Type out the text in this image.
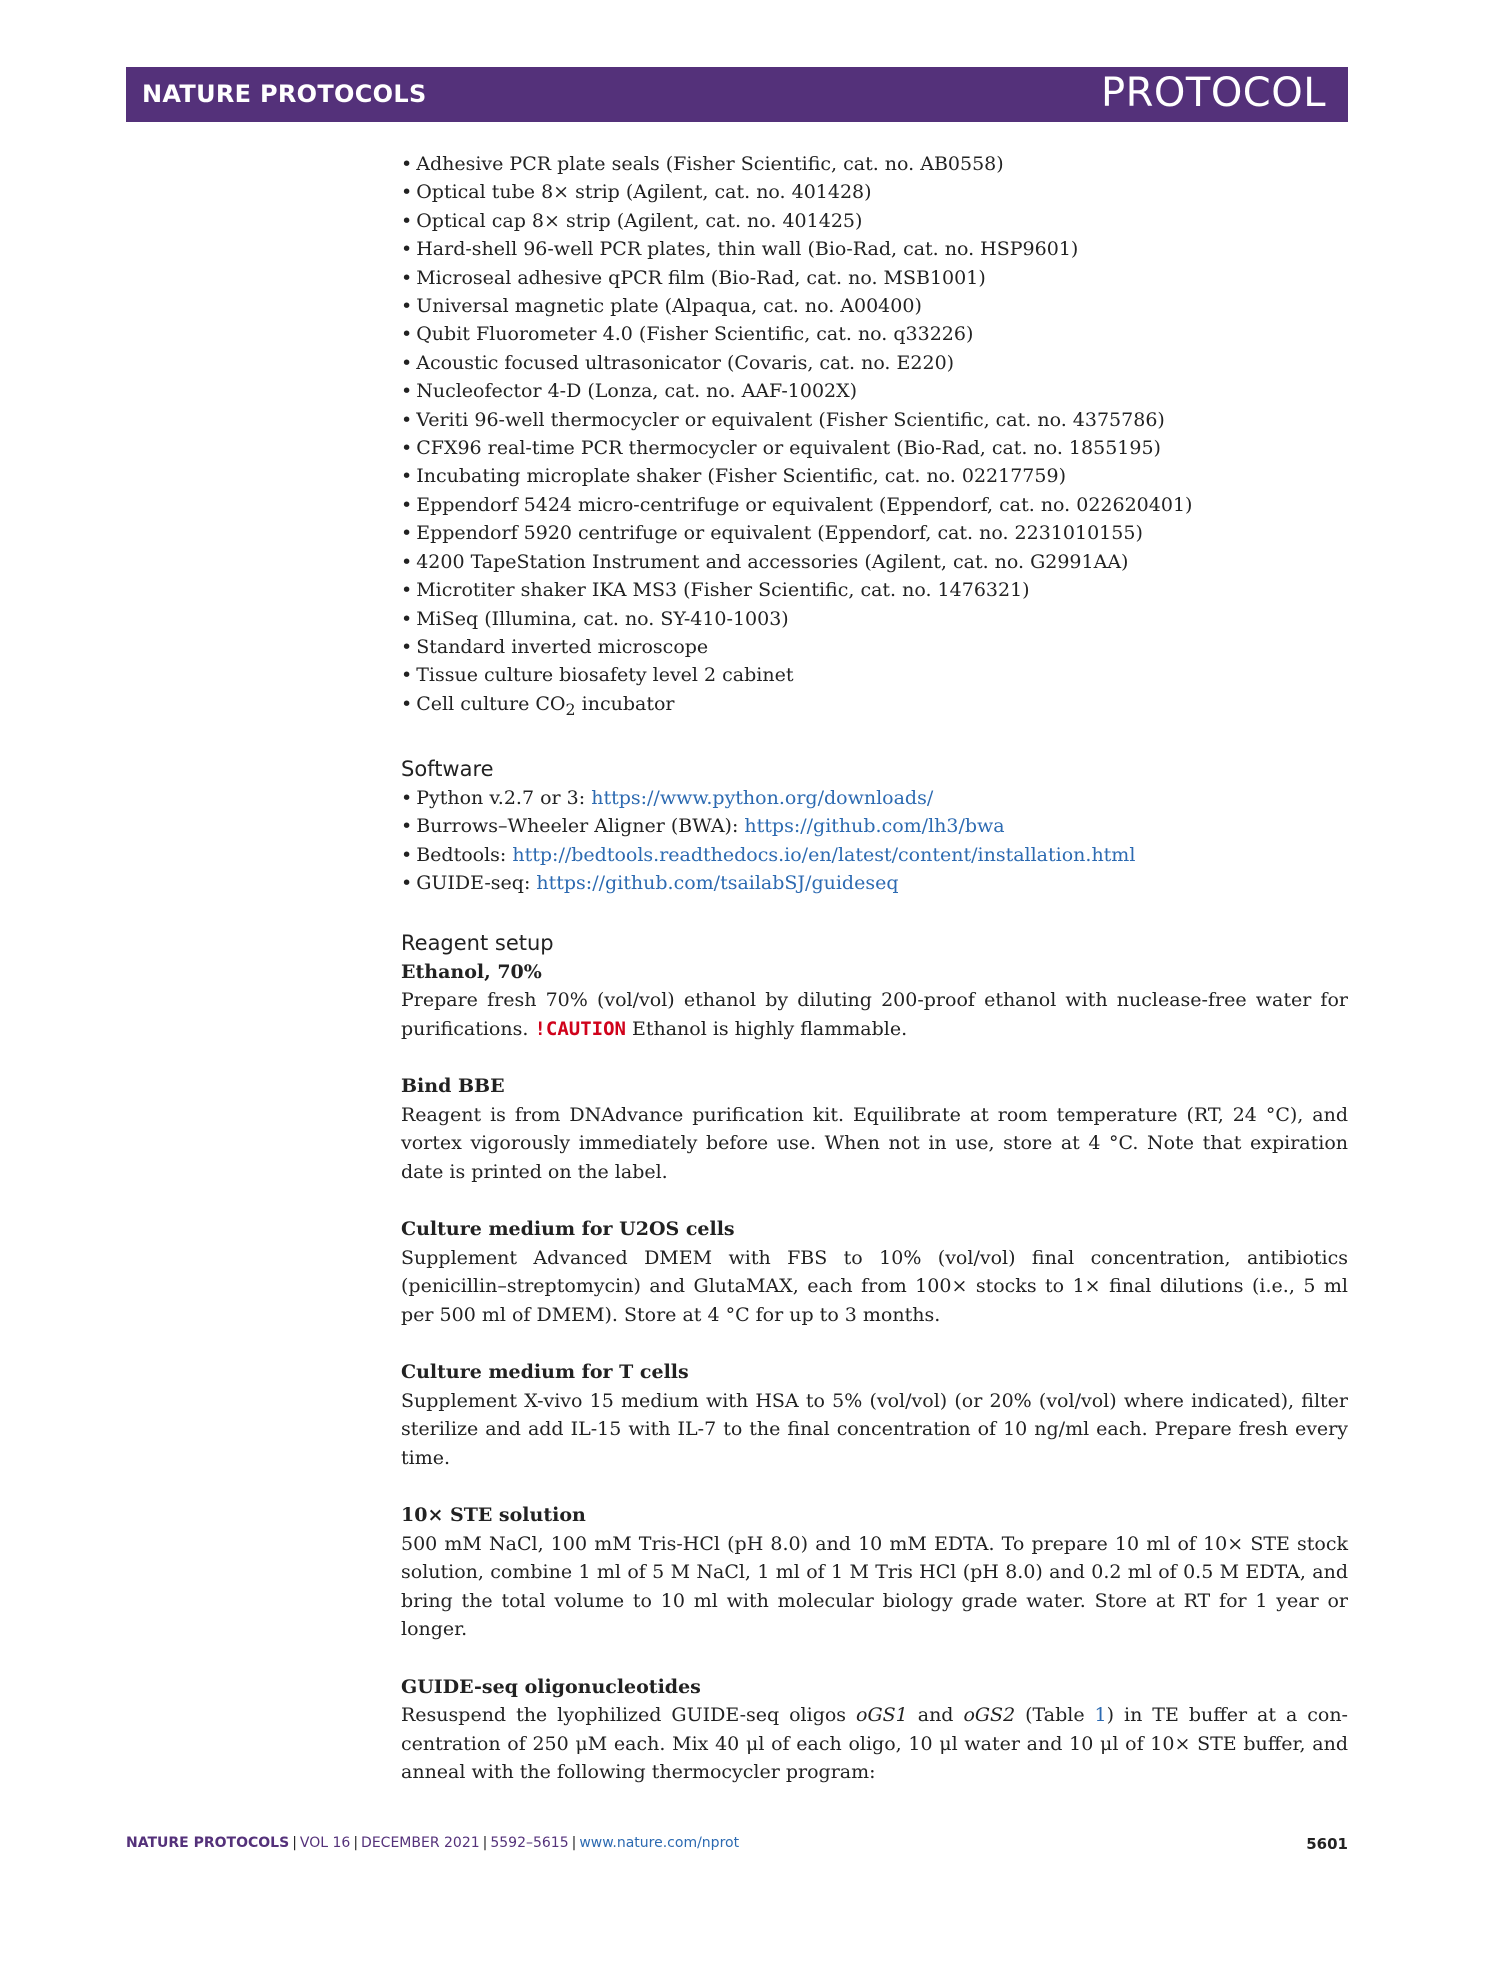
NATURE PROTOCOLS	PROTOCOL
• Adhesive PCR plate seals (Fisher Scientific, cat. no. AB0558)
• Optical tube 8× strip (Agilent, cat. no. 401428)
• Optical cap 8× strip (Agilent, cat. no. 401425)
• Hard-shell 96-well PCR plates, thin wall (Bio-Rad, cat. no. HSP9601)
• Microseal adhesive qPCR film (Bio-Rad, cat. no. MSB1001)
• Universal magnetic plate (Alpaqua, cat. no. A00400)
• Qubit Fluorometer 4.0 (Fisher Scientific, cat. no. q33226)
• Acoustic focused ultrasonicator (Covaris, cat. no. E220)
• Nucleofector 4-D (Lonza, cat. no. AAF-1002X)
• Veriti 96-well thermocycler or equivalent (Fisher Scientific, cat. no. 4375786)
• CFX96 real-time PCR thermocycler or equivalent (Bio-Rad, cat. no. 1855195)
• Incubating microplate shaker (Fisher Scientific, cat. no. 02217759)
• Eppendorf 5424 micro-centrifuge or equivalent (Eppendorf, cat. no. 022620401)
• Eppendorf 5920 centrifuge or equivalent (Eppendorf, cat. no. 2231010155)
• 4200 TapeStation Instrument and accessories (Agilent, cat. no. G2991AA)
• Microtiter shaker IKA MS3 (Fisher Scientific, cat. no. 1476321)
• MiSeq (Illumina, cat. no. SY-410-1003)
• Standard inverted microscope
• Tissue culture biosafety level 2 cabinet
• Cell culture $CO_2$ incubator
Software
• Python v.2.7 or 3: https://www.python.org/downloads/
• Burrows–Wheeler Aligner (BWA): https://github.com/lh3/bwa
• Bedtools: http://bedtools.readthedocs.io/en/latest/content/installation.html
• GUIDE-seq: https://github.com/tsailabSJ/guideseq
Reagent setup
Ethanol, 70%

Prepare fresh 70% (vol/vol) ethanol by diluting 200-proof ethanol with nuclease-free water for purifications. !CAUTION Ethanol is highly flammable.

Bind BBE

Reagent is from DNAdvance purification kit. Equilibrate at room temperature (RT, 24 °C), and vortex vigorously immediately before use. When not in use, store at 4 °C. Note that expiration date is printed on the label.

Culture medium for U2OS cells

Supplement Advanced DMEM with FBS to 10% (vol/vol) final concentration, antibiotics (penicillin–streptomycin) and GlutaMAX, each from 100× stocks to 1× final dilutions (i.e., 5 ml per 500 ml of DMEM). Store at 4 °C for up to 3 months.

Culture medium for T cells

Supplement X-vivo 15 medium with HSA to 5% (vol/vol) (or 20% (vol/vol) where indicated), filter sterilize and add IL-15 with IL-7 to the final concentration of 10 ng/ml each. Prepare fresh every time.

10× STE solution

500 mM NaCl, 100 mM Tris-HCl (pH 8.0) and 10 mM EDTA. To prepare 10 ml of 10× STE stock solution, combine 1 ml of 5 M NaCl, 1 ml of 1 M Tris HCl (pH 8.0) and 0.2 ml of 0.5 M EDTA, and bring the total volume to 10 ml with molecular biology grade water. Store at RT for 1 year or longer.

GUIDE-seq oligonucleotides

Resuspend the lyophilized GUIDE-seq oligos oGS1 and oGS2 (Table 1) in TE buffer at a con-centration of 250 μM each. Mix 40 μl of each oligo, 10 μl water and 10 μl of 10× STE buffer, and anneal with the following thermocycler program:

NATURE PROTOCOLS | VOL 16 | DECEMBER 2021 | 5592–5615 | www.nature.com/nprot	5601
